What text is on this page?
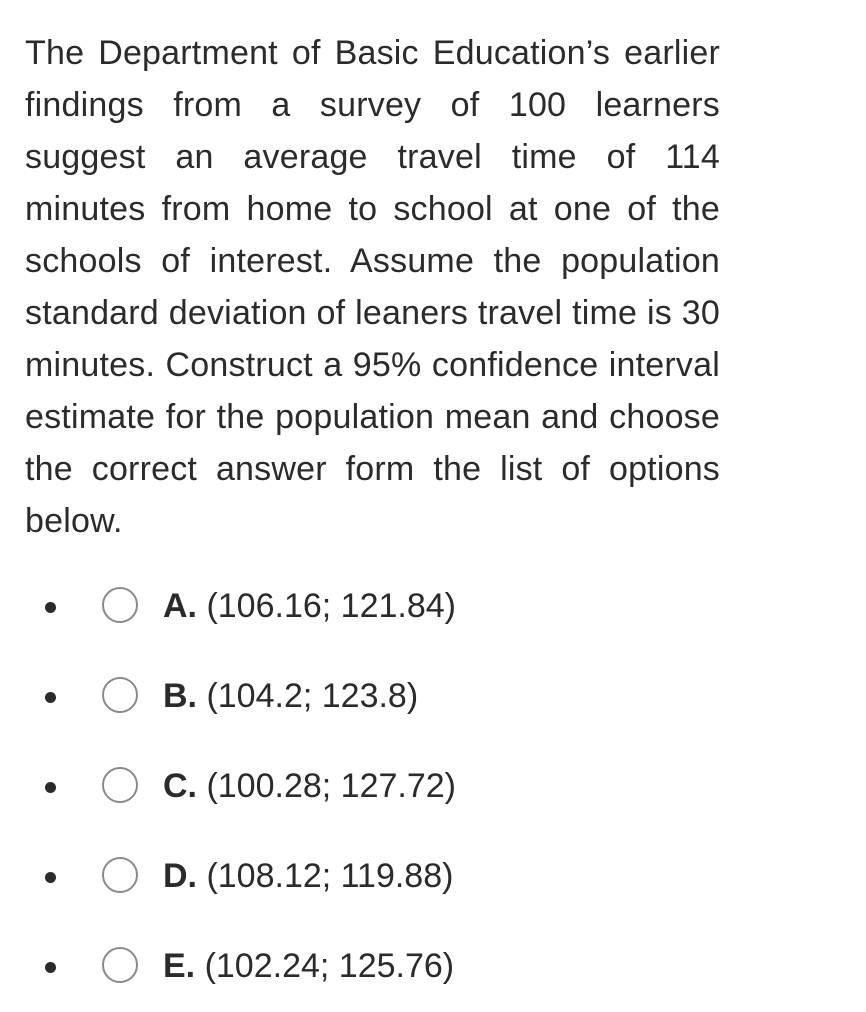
The Department of Basic Education’s earlier findings from a survey of 100 learners suggest an average travel time of 114 minutes from home to school at one of the schools of interest. Assume the population standard deviation of leaners travel time is 30 minutes. Construct a 95% confidence interval estimate for the population mean and choose the correct answer form the list of options below.

A. (106.16; 121.84)
B. (104.2; 123.8)
C. (100.28; 127.72)
D. (108.12; 119.88)
E. (102.24; 125.76)
